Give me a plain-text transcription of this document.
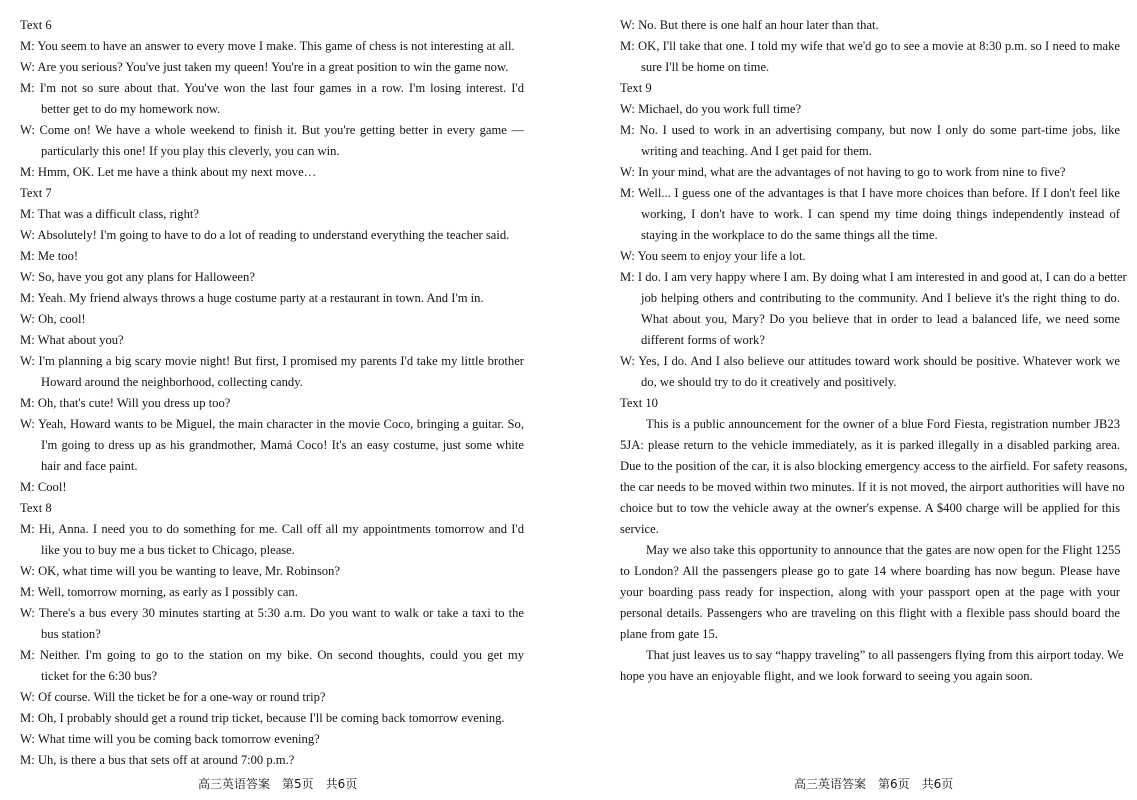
Text 6
M: You seem to have an answer to every move I make. This game of chess is not interesting at all.
W: Are you serious? You've just taken my queen! You're in a great position to win the game now.
M: I'm not so sure about that. You've won the last four games in a row. I'm losing interest. I'd
better get to do my homework now.
W: Come on! We have a whole weekend to finish it. But you're getting better in every game —
particularly this one! If you play this cleverly, you can win.
M: Hmm, OK. Let me have a think about my next move…
Text 7
M: That was a difficult class, right?
W: Absolutely! I'm going to have to do a lot of reading to understand everything the teacher said.
M: Me too!
W: So, have you got any plans for Halloween?
M: Yeah. My friend always throws a huge costume party at a restaurant in town. And I'm in.
W: Oh, cool!
M: What about you?
W: I'm planning a big scary movie night! But first, I promised my parents I'd take my little brother
Howard around the neighborhood, collecting candy.
M: Oh, that's cute! Will you dress up too?
W: Yeah, Howard wants to be Miguel, the main character in the movie Coco, bringing a guitar. So,
I'm going to dress up as his grandmother, Mamá Coco! It's an easy costume, just some white
hair and face paint.
M: Cool!
Text 8
M: Hi, Anna. I need you to do something for me. Call off all my appointments tomorrow and I'd
like you to buy me a bus ticket to Chicago, please.
W: OK, what time will you be wanting to leave, Mr. Robinson?
M: Well, tomorrow morning, as early as I possibly can.
W: There's a bus every 30 minutes starting at 5:30 a.m. Do you want to walk or take a taxi to the
bus station?
M: Neither. I'm going to go to the station on my bike. On second thoughts, could you get my
ticket for the 6:30 bus?
W: Of course. Will the ticket be for a one-way or round trip?
M: Oh, I probably should get a round trip ticket, because I'll be coming back tomorrow evening.
W: What time will you be coming back tomorrow evening?
M: Uh, is there a bus that sets off at around 7:00 p.m.?
W: No. But there is one half an hour later than that.
M: OK, I'll take that one. I told my wife that we'd go to see a movie at 8:30 p.m. so I need to make
sure I'll be home on time.
Text 9
W: Michael, do you work full time?
M: No. I used to work in an advertising company, but now I only do some part-time jobs, like
writing and teaching. And I get paid for them.
W: In your mind, what are the advantages of not having to go to work from nine to five?
M: Well... I guess one of the advantages is that I have more choices than before. If I don't feel like
working, I don't have to work. I can spend my time doing things independently instead of
staying in the workplace to do the same things all the time.
W: You seem to enjoy your life a lot.
M: I do. I am very happy where I am. By doing what I am interested in and good at, I can do a better
job helping others and contributing to the community. And I believe it's the right thing to do.
What about you, Mary? Do you believe that in order to lead a balanced life, we need some
different forms of work?
W: Yes, I do. And I also believe our attitudes toward work should be positive. Whatever work we
do, we should try to do it creatively and positively.
Text 10
This is a public announcement for the owner of a blue Ford Fiesta, registration number JB23
5JA: please return to the vehicle immediately, as it is parked illegally in a disabled parking area.
Due to the position of the car, it is also blocking emergency access to the airfield. For safety reasons,
the car needs to be moved within two minutes. If it is not moved, the airport authorities will have no
choice but to tow the vehicle away at the owner's expense. A $400 charge will be applied for this
service.
May we also take this opportunity to announce that the gates are now open for the Flight 1255
to London? All the passengers please go to gate 14 where boarding has now begun. Please have
your boarding pass ready for inspection, along with your passport open at the page with your
personal details. Passengers who are traveling on this flight with a flexible pass should board the
plane from gate 15.
That just leaves us to say “happy traveling” to all passengers flying from this airport today. We
hope you have an enjoyable flight, and we look forward to seeing you again soon.
高三英语答案　第5页　共6页	高三英语答案　第6页　共6页
